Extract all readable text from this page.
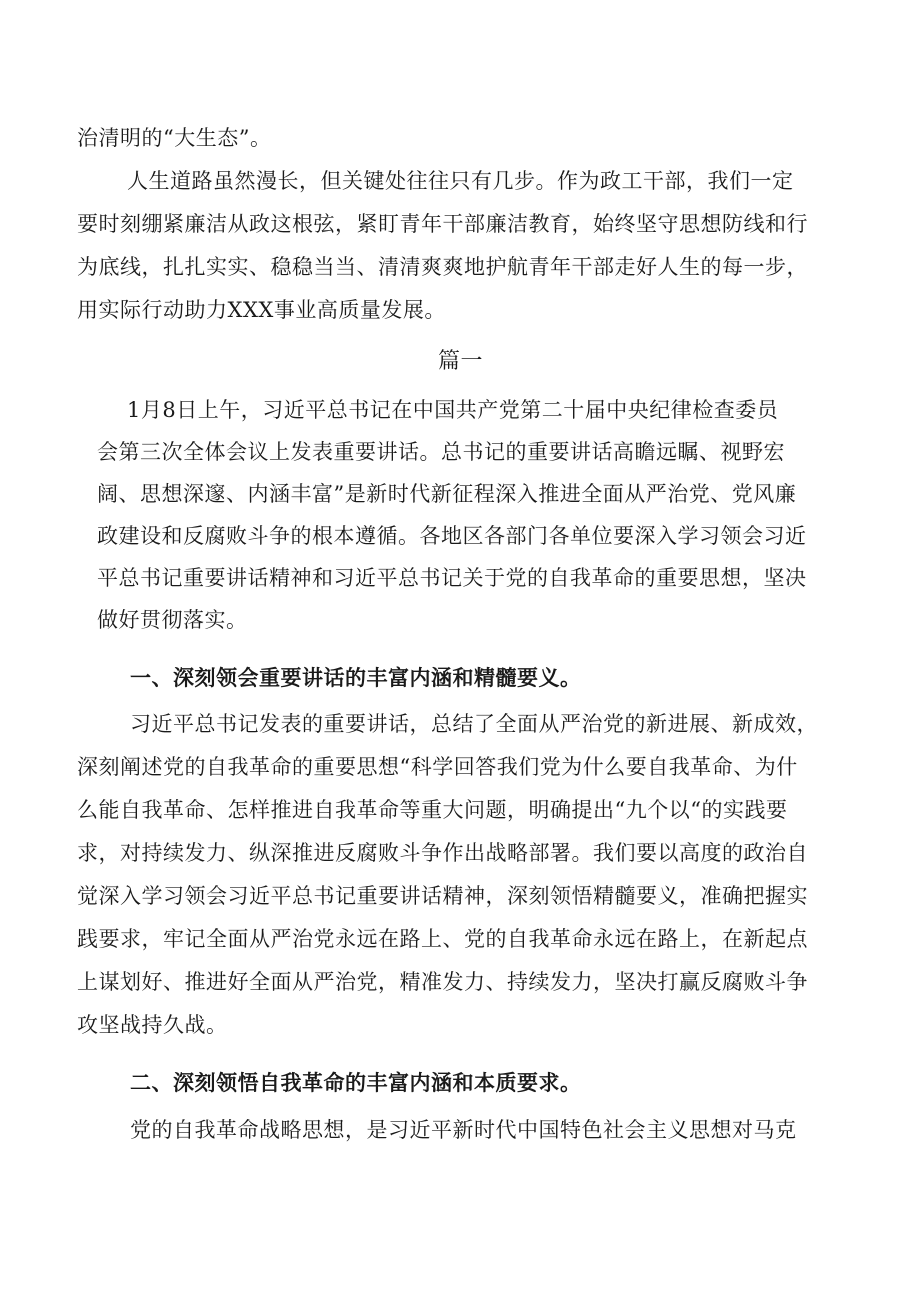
治清明的“大生态”。
人生道路虽然漫长，但关键处往往只有几步。作为政工干部，我们一定
要时刻绷紧廉洁从政这根弦，紧盯青年干部廉洁教育，始终坚守思想防线和行
为底线，扎扎实实、稳稳当当、清清爽爽地护航青年干部走好人生的每一步，
用实际行动助力XXX事业高质量发展。
篇一
1月8日上午，习近平总书记在中国共产党第二十届中央纪律检查委员
会第三次全体会议上发表重要讲话。总书记的重要讲话高瞻远瞩、视野宏
阔、思想深邃、内涵丰富”是新时代新征程深入推进全面从严治党、党风廉
政建设和反腐败斗争的根本遵循。各地区各部门各单位要深入学习领会习近
平总书记重要讲话精神和习近平总书记关于党的自我革命的重要思想，坚决
做好贯彻落实。
一、深刻领会重要讲话的丰富内涵和精髓要义。
习近平总书记发表的重要讲话，总结了全面从严治党的新进展、新成效，
深刻阐述党的自我革命的重要思想“科学回答我们党为什么要自我革命、为什
么能自我革命、怎样推进自我革命等重大问题，明确提出“九个以“的实践要
求，对持续发力、纵深推进反腐败斗争作出战略部署。我们要以高度的政治自
觉深入学习领会习近平总书记重要讲话精神，深刻领悟精髓要义，准确把握实
践要求，牢记全面从严治党永远在路上、党的自我革命永远在路上，在新起点
上谋划好、推进好全面从严治党，精准发力、持续发力，坚决打赢反腐败斗争
攻坚战持久战。
二、深刻领悟自我革命的丰富内涵和本质要求。
党的自我革命战略思想，是习近平新时代中国特色社会主义思想对马克
